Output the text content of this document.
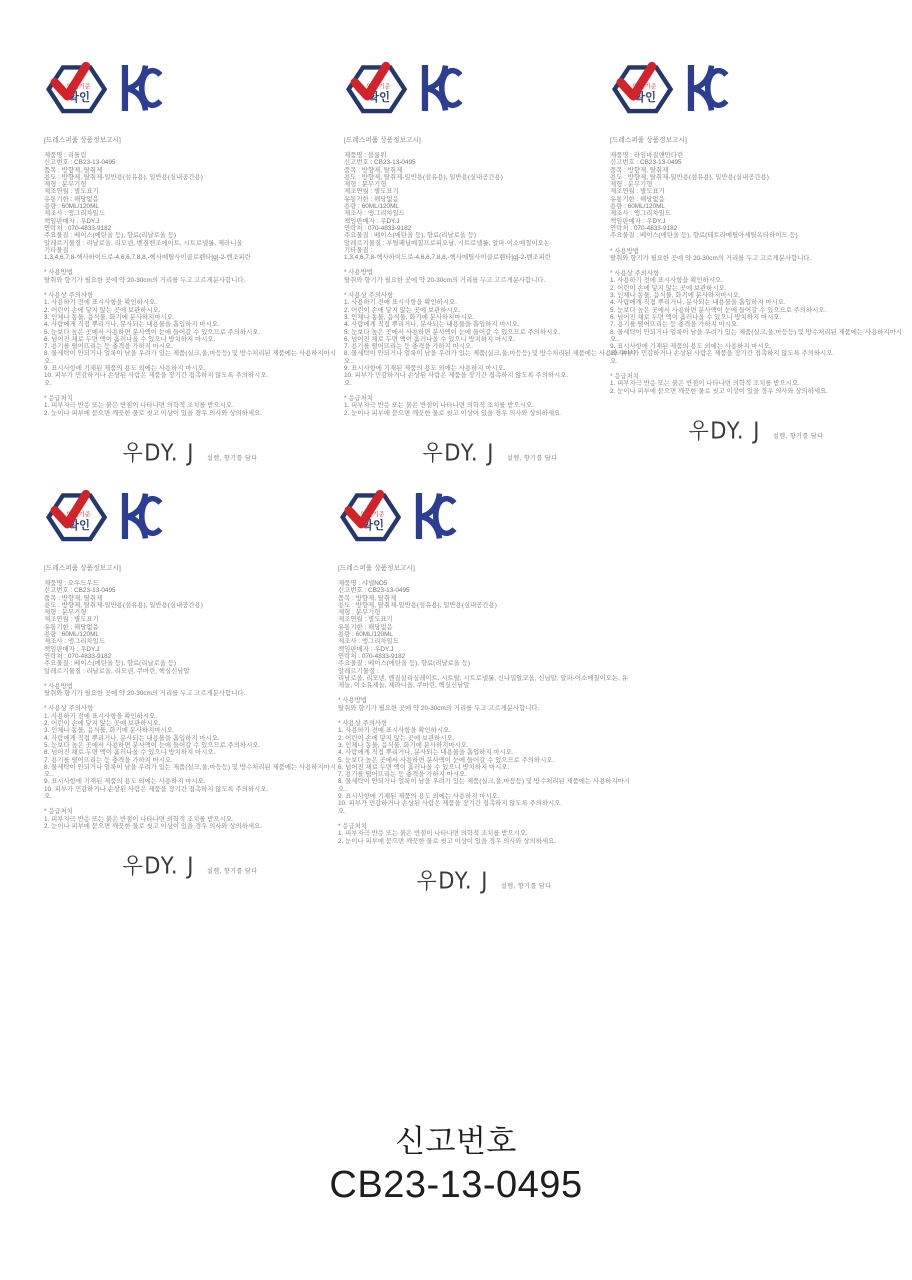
안전기준
확인
[드레스퍼퓸 상품정보고시]
제품명 : 리틀림
신고번호 : CB23-13-0495
품목 : 방향제, 탈취제
용도 : 방향제, 탈취제-일반용(섬유용), 일반용(실내공간용)
제형 : 분무기형
제조연월 : 별도표기
유통기한 : 해당없음
용량 : 60ML/120ML
제조사 : 앵그리차일드
책임판매자 : 우DY.J
연락처 : 070-4833-9182
주요물질 : 베이스(에탄올 등), 향료(리날로올 등)
알레르기물질 : 리날로올, 리모넨, 벤질벤조에이트, 시트로넬롤, 제라니올
기타물질 :
1,3,4,6,7,8-헥사하이드로-4,6,6,7,8,8,-헥사메틸사이클로펜타[g]-2-벤조피란
* 사용방법
탈취와 향기가 필요한 곳에 약 20-30cm의 거리를 두고 고르게분사합니다.
* 사용상 주의사항
1. 사용하기 전에 표시사항을 확인하시오.
2. 어린이 손에 닿지 않는 곳에 보관하시오.
3. 인체나 동물, 음식물, 화기에 분사하지마시오.
4. 사람에게 직접 뿌리거나, 분사되는 내용물을 흡입하지 마시오.
5. 눈보다 높은 곳에서 사용하면 분사액이 눈에 들어갈 수 있으므로 주의하시오.
6. 넘어진 채로 두면 액이 흘러나올 수 있으니 방치하지 마시오.
7. 용기를 떨어뜨리는 등 충격을 가하지 마시오.
8. 물세탁이 안되거나 얼룩이 남을 우려가 있는 제품(실크,울,마등등) 및 방수처리된 제품에는 사용하지마시오..
9. 표시사항에 기재된 제품의 용도 외에는 사용하지 마시오.
10. 피부가 민감하거나 손상된 사람은 제품을 장기간 접촉하지 않도록 주의하시오.
오.
* 응급처치
1. 피부자극 반응 또는 붉은 반점이 나타나면 의학적 조치를 받으시오.
2. 눈이나 피부에 묻으면 깨끗한 물로 씻고 이상이 있을 경우 의사와 상의하세요.
우DY. J 설렘, 향기를 담다
안전기준
확인
[드레스퍼퓸 상품정보고시]
제품명 : 블룸위
신고번호 : CB23-13-0495
품목 : 방향제, 탈취제
용도 : 방향제, 탈취제-일반용(섬유용), 일반용(실내공간용)
제형 : 분무기형
제조연월 : 별도표기
유통기한 : 해당없음
용량 : 60ML/120ML
제조사 : 앵그리차일드
책임판매자 : 우DY.J
연락처 : 070-4833-9182
주요물질 : 베이스(에탄올 등), 향료(리날로올 등)
알레르기물질 : 부틸페닐메칠프로피오날, 시트로넬롤, 알파-이소메칠이오논
기타물질 :
1,3,4,6,7,8-헥사하이드로-4,6,6,7,8,8,-헥사메틸사이클로펜타[g]-2-벤조피란
* 사용방법
탈취와 향기가 필요한 곳에 약 20-30cm의 거리를 두고 고르게분사합니다.
* 사용상 주의사항
1. 사용하기 전에 표시사항을 확인하시오.
2. 어린이 손에 닿지 않는 곳에 보관하시오.
3. 인체나 동물, 음식물, 화기에 분사하지마시오.
4. 사람에게 직접 뿌리거나, 분사되는 내용물을 흡입하지 마시오.
5. 눈보다 높은 곳에서 사용하면 분사액이 눈에 들어갈 수 있으므로 주의하시오.
6. 넘어진 채로 두면 액이 흘러나올 수 있으니 방치하지 마시오.
7. 용기를 떨어뜨리는 등 충격을 가하지 마시오.
8. 물세탁이 안되거나 얼룩이 남을 우려가 있는 제품(실크,울,마등등) 및 방수처리된 제품에는 사용하지마시오..
9. 표시사항에 기재된 제품의 용도 외에는 사용하지 마시오.
10. 피부가 민감하거나 손상된 사람은 제품을 장기간 접촉하지 않도록 주의하시오.
오.
* 응급처치
1. 피부자극 반응 또는 붉은 반점이 나타나면 의학적 조치를 받으시오.
2. 눈이나 피부에 묻으면 깨끗한 물로 씻고 이상이 있을 경우 의사와 상의하세요.
우DY. J 설렘, 향기를 담다
안전기준
확인
[드레스퍼퓸 상품정보고시]
제품명 : 라임바질앤만다린
신고번호 : CB23-13-0495
품목 : 방향제, 탈취제
용도 : 방향제, 탈취제-일반용(섬유용), 일반용(실내공간용)
제형 : 분무기형
제조연월 : 별도표기
유통기한 : 해당없음
용량 : 60ML/120ML
제조사 : 앵그리차일드
책임판매자 : 우DY.J
연락처 : 070-4833-9182
주요물질 : 베이스(에탄올 등), 향료(테트라메틸아세틸옥타하이드 등)
* 사용방법
탈취와 향기가 필요한 곳에 약 20-30cm의 거리를 두고 고르게분사합니다.
* 사용상 주의사항
1. 사용하기 전에 표시사항을 확인하시오.
2. 어린이 손에 닿지 않는 곳에 보관하시오.
3. 인체나 동물, 음식물, 화기에 분사하지마시오.
4. 사람에게 직접 뿌리거나, 분사되는 내용물을 흡입하지 마시오.
5. 눈보다 높은 곳에서 사용하면 분사액이 눈에 들어갈 수 있으므로 주의하시오.
6. 넘어진 채로 두면 액이 흘러나올 수 있으니 방치하지 마시오.
7. 용기를 떨어뜨리는 등 충격을 가하지 마시오.
8. 물세탁이 안되거나 얼룩이 남을 우려가 있는 제품(실크,울,마등등) 및 방수처리된 제품에는 사용하지마시오..
9. 표시사항에 기재된 제품의 용도 외에는 사용하지 마시오.
10. 피부가 민감하거나 손상된 사람은 제품을 장기간 접촉하지 않도록 주의하시오.
오.
* 응급처치
1. 피부자극 반응 또는 붉은 반점이 나타나면 의학적 조치를 받으시오.
2. 눈이나 피부에 묻으면 깨끗한 물로 씻고 이상이 있을 경우 의사와 상의하세요.
우DY. J 설렘, 향기를 담다
안전기준
확인
[드레스퍼퓸 상품정보고시]
제품명 : 오우드우드
신고번호 : CB23-13-0495
품목 : 방향제, 탈취제
용도 : 방향제, 탈취제-일반용(섬유용), 일반용(실내공간용)
제형 : 분무기형
제조연월 : 별도표기
유통기한 : 해당없음
용량 : 60ML/120ML
제조사 : 앵그리차일드
책임판매자 : 우DY.J
연락처 : 070-4833-9182
주요물질 : 베이스(에탄올 등), 향료(리날로올 등)
알레르기물질 : 리날로올, 리모넨, 쿠마린, 헥실신남알
* 사용방법
탈취와 향기가 필요한 곳에 약 20-30cm의 거리를 두고 고르게분사합니다.
* 사용상 주의사항
1. 사용하기 전에 표시사항을 확인하시오.
2. 어린이 손에 닿지 않는 곳에 보관하시오.
3. 인체나 동물, 음식물, 화기에 분사하지마시오.
4. 사람에게 직접 뿌리거나, 분사되는 내용물을 흡입하지 마시오.
5. 눈보다 높은 곳에서 사용하면 분사액이 눈에 들어갈 수 있으므로 주의하시오.
6. 넘어진 채로 두면 액이 흘러나올 수 있으니 방치하지 마시오.
7. 용기를 떨어뜨리는 등 충격을 가하지 마시오.
8. 물세탁이 안되거나 얼룩이 남을 우려가 있는 제품(실크,울,마등등) 및 방수처리된 제품에는 사용하지마시오..
9. 표시사항에 기재된 제품의 용도 외에는 사용하지 마시오.
10. 피부가 민감하거나 손상된 사람은 제품을 장기간 접촉하지 않도록 주의하시오.
오.
* 응급처치
1. 피부자극 반응 또는 붉은 반점이 나타나면 의학적 조치를 받으시오.
2. 눈이나 피부에 묻으면 깨끗한 물로 씻고 이상이 있을 경우 의사와 상의하세요.
우DY. J 설렘, 향기를 담다
안전기준
확인
[드레스퍼퓸 상품정보고시]
제품명 : 샤넬NO5
신고번호 : CB23-13-0495
품목 : 방향제, 탈취제
용도 : 방향제, 탈취제-일반용(섬유용), 일반용(실내공간용)
제형 : 분무기형
제조연월 : 별도표기
유통기한 : 해당없음
용량 : 60ML/120ML
제조사 : 앵그리차일드
책임판매자 : 우DY.J
연락처 : 070-4833-9182
주요물질 : 베이스(에탄올 등), 향료(리날로올 등)
알레르기물질 :
리날로올, 리모넨, 벤질살리실레이트, 시트랄, 시트로넬롤, 신나밀알코올, 신남알, 알파-이소메칠이오논, 유제놀, 이소유제놀, 제라니올, 쿠마린, 헥실신남알
* 사용방법
탈취와 향기가 필요한 곳에 약 20-30cm의 거리를 두고 고르게분사합니다.
* 사용상 주의사항
1. 사용하기 전에 표시사항을 확인하시오.
2. 어린이 손에 닿지 않는 곳에 보관하시오.
3. 인체나 동물, 음식물, 화기에 분사하지마시오.
4. 사람에게 직접 뿌리거나, 분사되는 내용물을 흡입하지 마시오.
5. 눈보다 높은 곳에서 사용하면 분사액이 눈에 들어갈 수 있으므로 주의하시오.
6. 넘어진 채로 두면 액이 흘러나올 수 있으니 방치하지 마시오.
7. 용기를 떨어뜨리는 등 충격을 가하지 마시오.
8. 물세탁이 안되거나 얼룩이 남을 우려가 있는 제품(실크,울,마등등) 및 방수처리된 제품에는 사용하지마시오..
9. 표시사항에 기재된 제품의 용도 외에는 사용하지 마시오.
10. 피부가 민감하거나 손상된 사람은 제품을 장기간 접촉하지 않도록 주의하시오.
오.
* 응급처치
1. 피부자극 반응 또는 붉은 반점이 나타나면 의학적 조치를 받으시오.
2. 눈이나 피부에 묻으면 깨끗한 물로 씻고 이상이 있을 경우 의사와 상의하세요.
우DY. J 설렘, 향기를 담다
신고번호
CB23-13-0495
